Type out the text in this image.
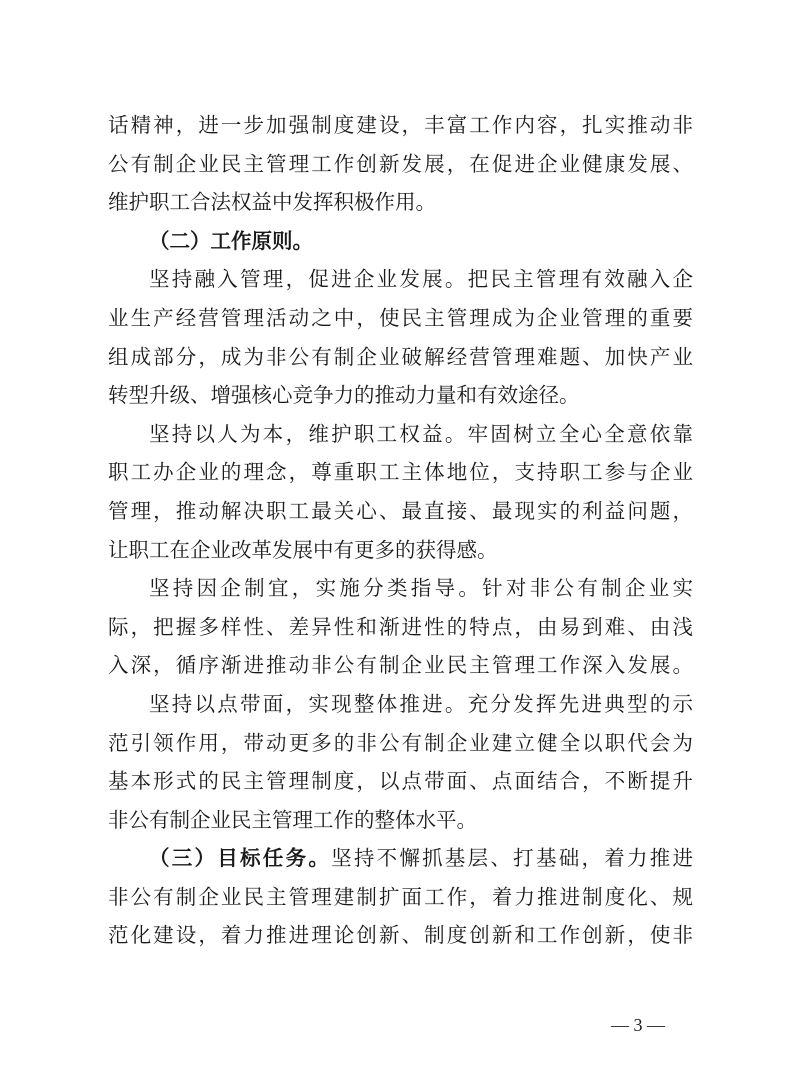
话精神，进一步加强制度建设，丰富工作内容，扎实推动非
公有制企业民主管理工作创新发展，在促进企业健康发展、
维护职工合法权益中发挥积极作用。
（二）工作原则。
坚持融入管理，促进企业发展。把民主管理有效融入企
业生产经营管理活动之中，使民主管理成为企业管理的重要
组成部分，成为非公有制企业破解经营管理难题、加快产业
转型升级、增强核心竞争力的推动力量和有效途径。
坚持以人为本，维护职工权益。牢固树立全心全意依靠
职工办企业的理念，尊重职工主体地位，支持职工参与企业
管理，推动解决职工最关心、最直接、最现实的利益问题，
让职工在企业改革发展中有更多的获得感。
坚持因企制宜，实施分类指导。针对非公有制企业实
际，把握多样性、差异性和渐进性的特点，由易到难、由浅
入深，循序渐进推动非公有制企业民主管理工作深入发展。
坚持以点带面，实现整体推进。充分发挥先进典型的示
范引领作用，带动更多的非公有制企业建立健全以职代会为
基本形式的民主管理制度，以点带面、点面结合，不断提升
非公有制企业民主管理工作的整体水平。
（三）目标任务。坚持不懈抓基层、打基础，着力推进
非公有制企业民主管理建制扩面工作，着力推进制度化、规
范化建设，着力推进理论创新、制度创新和工作创新，使非
— 3 —
